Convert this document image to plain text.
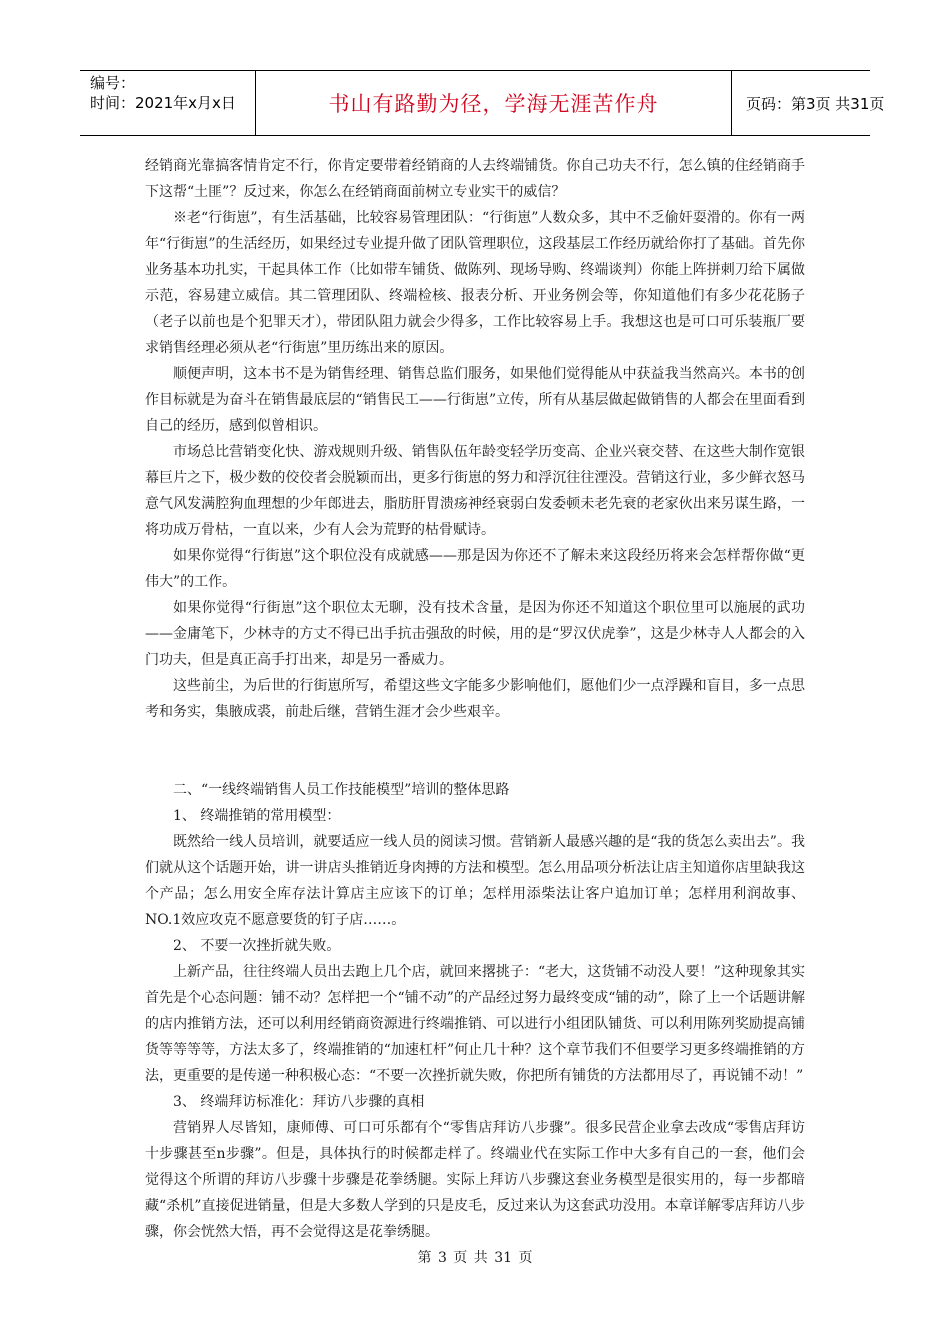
编号：
时间：2021年x月x日	书山有路勤为径，学海无涯苦作舟	页码：第3页 共31页

经销商光靠搞客情肯定不行，你肯定要带着经销商的人去终端铺货。你自己功夫不行，怎么镇的住经销商手下这帮“土匪”？反过来，你怎么在经销商面前树立专业实干的威信？

※老“行街崽”，有生活基础，比较容易管理团队：“行街崽”人数众多，其中不乏偷奸耍滑的。你有一两年“行街崽”的生活经历，如果经过专业提升做了团队管理职位，这段基层工作经历就给你打了基础。首先你业务基本功扎实，干起具体工作（比如带车铺货、做陈列、现场导购、终端谈判）你能上阵拼刺刀给下属做示范，容易建立威信。其二管理团队、终端检核、报表分析、开业务例会等，你知道他们有多少花花肠子（老子以前也是个犯罪天才），带团队阻力就会少得多，工作比较容易上手。我想这也是可口可乐装瓶厂要求销售经理必须从老“行街崽”里历练出来的原因。

顺便声明，这本书不是为销售经理、销售总监们服务，如果他们觉得能从中获益我当然高兴。本书的创作目标就是为奋斗在销售最底层的“销售民工——行街崽”立传，所有从基层做起做销售的人都会在里面看到自己的经历，感到似曾相识。

市场总比营销变化快、游戏规则升级、销售队伍年龄变轻学历变高、企业兴衰交替、在这些大制作宽银幕巨片之下，极少数的佼佼者会脱颖而出，更多行街崽的努力和浮沉往往湮没。营销这行业，多少鲜衣怒马意气风发满腔狗血理想的少年郎进去，脂肪肝胃溃疡神经衰弱白发委顿未老先衰的老家伙出来另谋生路，一将功成万骨枯，一直以来，少有人会为荒野的枯骨赋诗。

如果你觉得“行街崽”这个职位没有成就感——那是因为你还不了解未来这段经历将来会怎样帮你做“更伟大”的工作。

如果你觉得“行街崽”这个职位太无聊，没有技术含量，是因为你还不知道这个职位里可以施展的武功——金庸笔下，少林寺的方丈不得已出手抗击强敌的时候，用的是“罗汉伏虎拳”，这是少林寺人人都会的入门功夫，但是真正高手打出来，却是另一番威力。

这些前尘，为后世的行街崽所写，希望这些文字能多少影响他们，愿他们少一点浮躁和盲目，多一点思考和务实，集腋成裘，前赴后继，营销生涯才会少些艰辛。

二、“一线终端销售人员工作技能模型”培训的整体思路

1、 终端推销的常用模型：

既然给一线人员培训，就要适应一线人员的阅读习惯。营销新人最感兴趣的是“我的货怎么卖出去”。我们就从这个话题开始，讲一讲店头推销近身肉搏的方法和模型。怎么用品项分析法让店主知道你店里缺我这个产品；怎么用安全库存法计算店主应该下的订单；怎样用添柴法让客户追加订单；怎样用利润故事、NO.1效应攻克不愿意要货的钉子店……。

2、 不要一次挫折就失败。

上新产品，往往终端人员出去跑上几个店，就回来撂挑子：“老大，这货铺不动没人要！”这种现象其实首先是个心态问题：铺不动？怎样把一个“铺不动”的产品经过努力最终变成“铺的动”，除了上一个话题讲解的店内推销方法，还可以利用经销商资源进行终端推销、可以进行小组团队铺货、可以利用陈列奖励提高铺货等等等等，方法太多了，终端推销的“加速杠杆”何止几十种？这个章节我们不但要学习更多终端推销的方法，更重要的是传递一种积极心态：“不要一次挫折就失败，你把所有铺货的方法都用尽了，再说铺不动！”

3、 终端拜访标准化：拜访八步骤的真相

营销界人尽皆知，康师傅、可口可乐都有个“零售店拜访八步骤”。很多民营企业拿去改成“零售店拜访十步骤甚至n步骤”。但是，具体执行的时候都走样了。终端业代在实际工作中大多有自己的一套，他们会觉得这个所谓的拜访八步骤十步骤是花拳绣腿。实际上拜访八步骤这套业务模型是很实用的，每一步都暗藏“杀机”直接促进销量，但是大多数人学到的只是皮毛，反过来认为这套武功没用。本章详解零店拜访八步骤，你会恍然大悟，再不会觉得这是花拳绣腿。

第 3 页 共 31 页
